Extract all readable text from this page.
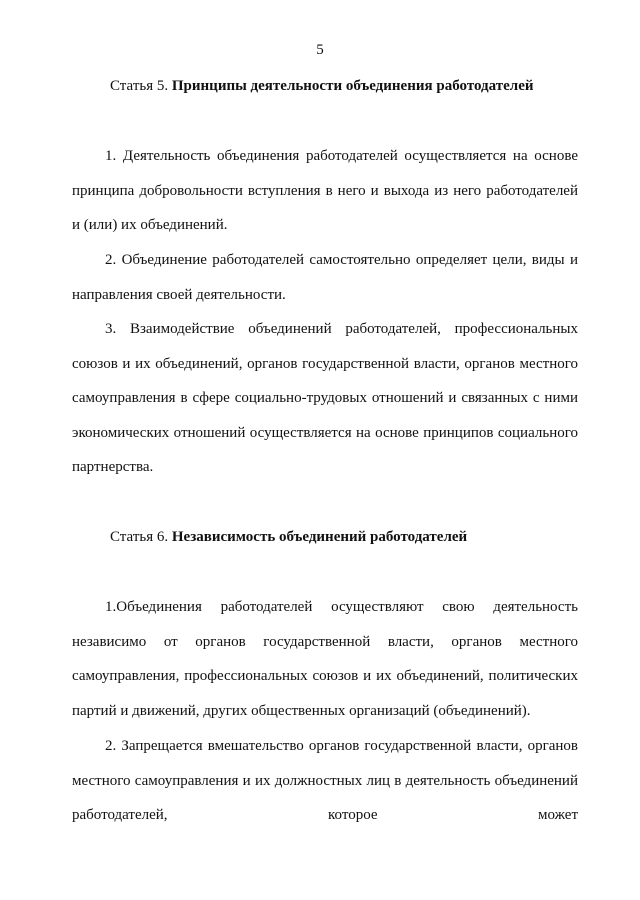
5
Статья 5. Принципы деятельности объединения работодателей

1. Деятельность объединения работодателей осуществляется на основе принципа добровольности вступления в него и выхода из него работодателей и (или) их объединений.

2. Объединение работодателей самостоятельно определяет цели, виды и направления своей деятельности.

3. Взаимодействие объединений работодателей, профессиональных союзов и их объединений, органов государственной власти, органов местного самоуправления в сфере социально-трудовых отношений и связанных с ними экономических отношений осуществляется на основе принципов социального партнерства.

Статья 6. Независимость объединений работодателей

1.Объединения работодателей осуществляют свою деятельность независимо от органов государственной власти, органов местного самоуправления, профессиональных союзов и их объединений, политических партий и движений, других общественных организаций (объединений).

2. Запрещается вмешательство органов государственной власти, органов местного самоуправления и их должностных лиц в деятельность объединений работодателей, которое может
